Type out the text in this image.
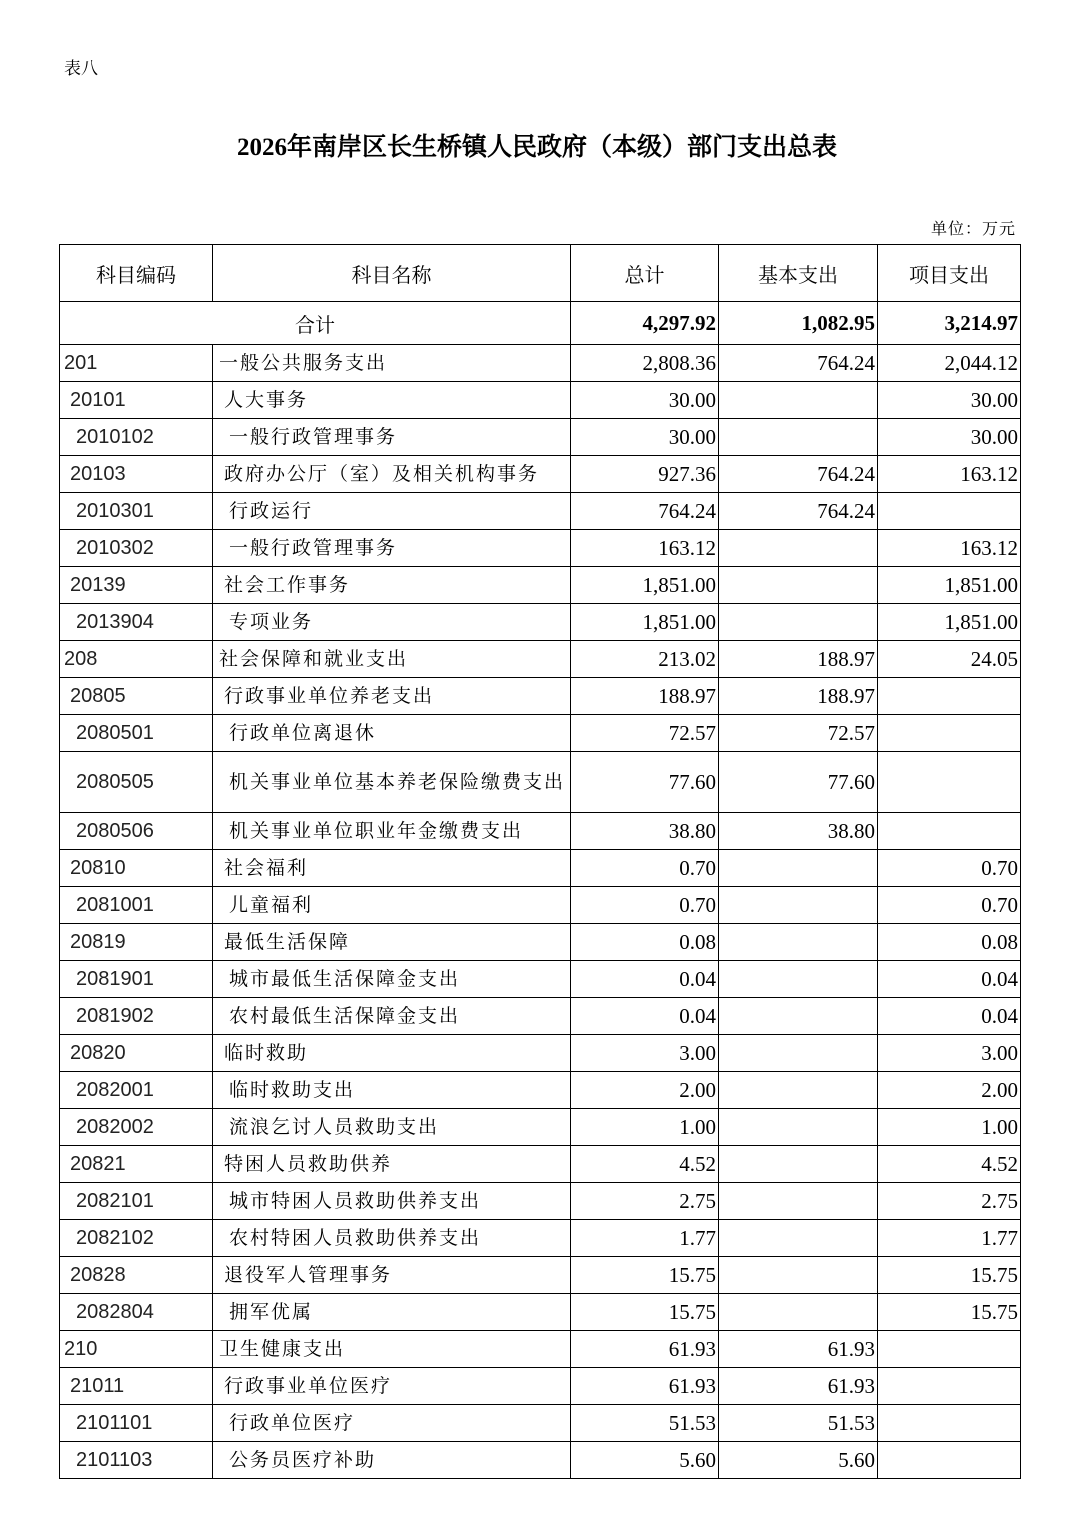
表八
2026年南岸区长生桥镇人民政府（本级）部门支出总表
单位：万元
科目编码	科目名称	总计	基本支出	项目支出
合计		4,297.92	1,082.95	3,214.97
201	一般公共服务支出	2,808.36	764.24	2,044.12
20101	人大事务	30.00		30.00
2010102	一般行政管理事务	30.00		30.00
20103	政府办公厅（室）及相关机构事务	927.36	764.24	163.12
2010301	行政运行	764.24	764.24	
2010302	一般行政管理事务	163.12		163.12
20139	社会工作事务	1,851.00		1,851.00
2013904	专项业务	1,851.00		1,851.00
208	社会保障和就业支出	213.02	188.97	24.05
20805	行政事业单位养老支出	188.97	188.97	
2080501	行政单位离退休	72.57	72.57	
2080505	机关事业单位基本养老保险缴费支出	77.60	77.60	
2080506	机关事业单位职业年金缴费支出	38.80	38.80	
20810	社会福利	0.70		0.70
2081001	儿童福利	0.70		0.70
20819	最低生活保障	0.08		0.08
2081901	城市最低生活保障金支出	0.04		0.04
2081902	农村最低生活保障金支出	0.04		0.04
20820	临时救助	3.00		3.00
2082001	临时救助支出	2.00		2.00
2082002	流浪乞讨人员救助支出	1.00		1.00
20821	特困人员救助供养	4.52		4.52
2082101	城市特困人员救助供养支出	2.75		2.75
2082102	农村特困人员救助供养支出	1.77		1.77
20828	退役军人管理事务	15.75		15.75
2082804	拥军优属	15.75		15.75
210	卫生健康支出	61.93	61.93	
21011	行政事业单位医疗	61.93	61.93	
2101101	行政单位医疗	51.53	51.53	
2101103	公务员医疗补助	5.60	5.60	
